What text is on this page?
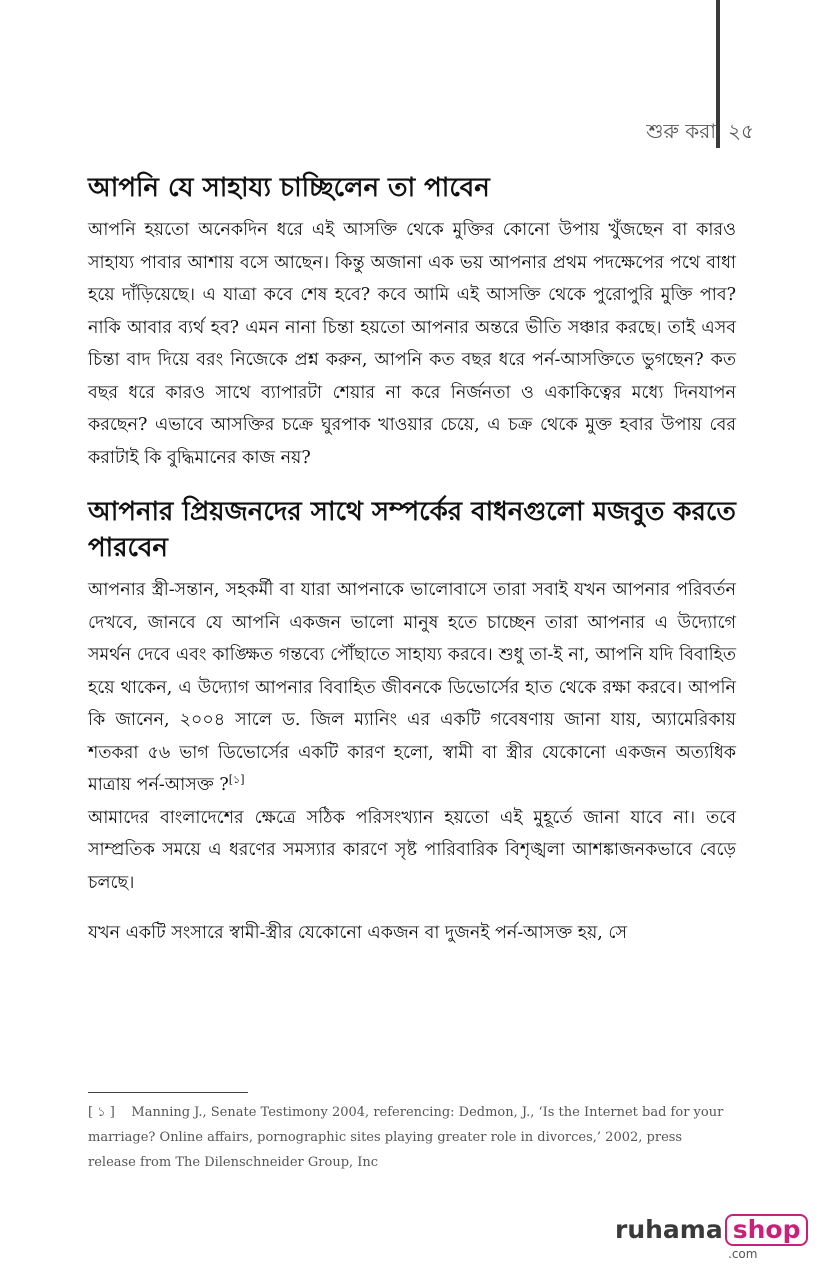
শুরু করা ২৫
আপনি যে সাহায্য চাচ্ছিলেন তা পাবেন

আপনি হয়তো অনেকদিন ধরে এই আসক্তি থেকে মুক্তির কোনো উপায় খুঁজছেন বা কারও সাহায্য পাবার আশায় বসে আছেন। কিন্তু অজানা এক ভয় আপনার প্রথম পদক্ষেপের পথে বাধা হয়ে দাঁড়িয়েছে। এ যাত্রা কবে শেষ হবে? কবে আমি এই আসক্তি থেকে পুরোপুরি মুক্তি পাব? নাকি আবার ব্যর্থ হব? এমন নানা চিন্তা হয়তো আপনার অন্তরে ভীতি সঞ্চার করছে। তাই এসব চিন্তা বাদ দিয়ে বরং নিজেকে প্রশ্ন করুন, আপনি কত বছর ধরে পর্ন-আসক্তিতে ভুগছেন? কত বছর ধরে কারও সাথে ব্যাপারটা শেয়ার না করে নির্জনতা ও একাকিত্বের মধ্যে দিনযাপন করছেন? এভাবে আসক্তির চক্রে ঘুরপাক খাওয়ার চেয়ে, এ চক্র থেকে মুক্ত হবার উপায় বের করাটাই কি বুদ্ধিমানের কাজ নয়?

আপনার প্রিয়জনদের সাথে সম্পর্কের বাধনগুলো মজবুত করতে পারবেন

আপনার স্ত্রী-সন্তান, সহকর্মী বা যারা আপনাকে ভালোবাসে তারা সবাই যখন আপনার পরিবর্তন দেখবে, জানবে যে আপনি একজন ভালো মানুষ হতে চাচ্ছেন তারা আপনার এ উদ্যোগে সমর্থন দেবে এবং কাঙ্ক্ষিত গন্তব্যে পৌঁছাতে সাহায্য করবে। শুধু তা-ই না, আপনি যদি বিবাহিত হয়ে থাকেন, এ উদ্যোগ আপনার বিবাহিত জীবনকে ডিভোর্সের হাত থেকে রক্ষা করবে। আপনি কি জানেন, ২০০৪ সালে ড. জিল ম্যানিং এর একটি গবেষণায় জানা যায়, অ্যামেরিকায় শতকরা ৫৬ ভাগ ডিভোর্সের একটি কারণ হলো, স্বামী বা স্ত্রীর যেকোনো একজন অত্যধিক মাত্রায় পর্ন-আসক্ত ?[১]

আমাদের বাংলাদেশের ক্ষেত্রে সঠিক পরিসংখ্যান হয়তো এই মুহূর্তে জানা যাবে না। তবে সাম্প্রতিক সময়ে এ ধরণের সমস্যার কারণে সৃষ্ট পারিবারিক বিশৃঙ্খলা আশঙ্কাজনকভাবে বেড়ে চলছে।

যখন একটি সংসারে স্বামী-স্ত্রীর যেকোনো একজন বা দুজনই পর্ন-আসক্ত হয়, সে

[ ১ ] Manning J., Senate Testimony 2004, referencing: Dedmon, J., ‘Is the Internet bad for your marriage? Online affairs, pornographic sites playing greater role in divorces,’ 2002, press release from The Dilenschneider Group, Inc
ruhama shop
.com
